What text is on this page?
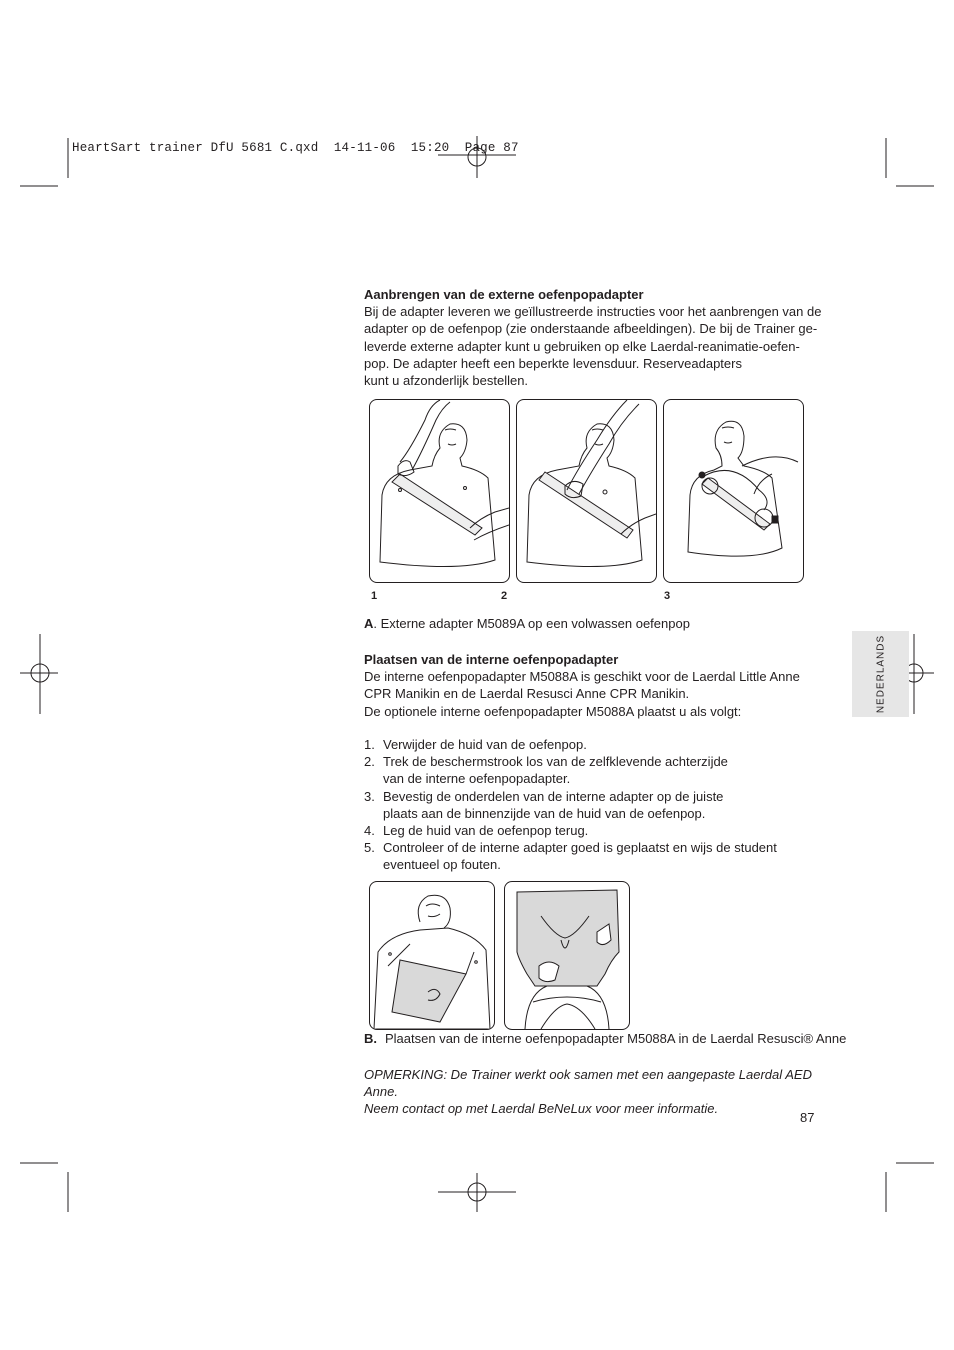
HeartSart trainer DfU 5681 C.qxd  14-11-06  15:20  Page 87
Aanbrengen van de externe oefenpopadapter

Bij de adapter leveren we geïllustreerde instructies voor het aanbrengen van de

adapter op de oefenpop (zie onderstaande afbeeldingen). De bij de Trainer ge-

leverde externe adapter kunt u gebruiken op elke Laerdal-reanimatie-oefen-

pop. De adapter heeft een beperkte levensduur. Reserveadapters

kunt u afzonderlijk bestellen.

1	2	3
A. Externe adapter M5089A op een volwassen oefenpop
Plaatsen van de interne oefenpopadapter

De interne oefenpopadapter M5088A is geschikt voor de Laerdal Little Anne

CPR Manikin en de Laerdal Resusci Anne CPR Manikin.

De optionele interne oefenpopadapter M5088A plaatst u als volgt:

1. Verwijder de huid van de oefenpop.
2. Trek de beschermstrook los van de zelfklevende achterzijde
van de interne oefenpopadapter.
3. Bevestig de onderdelen van de interne adapter op de juiste
plaats aan de binnenzijde van de huid van de oefenpop.
4. Leg de huid van de oefenpop terug.
5. Controleer of de interne adapter goed is geplaatst en wijs de student
eventueel op fouten.
B. Plaatsen van de interne oefenpopadapter M5088A in de Laerdal Resusci® Anne

OPMERKING: De Trainer werkt ook samen met een aangepaste Laerdal AED Anne.

Neem contact op met Laerdal BeNeLux voor meer informatie.

87
NEDERLANDS
